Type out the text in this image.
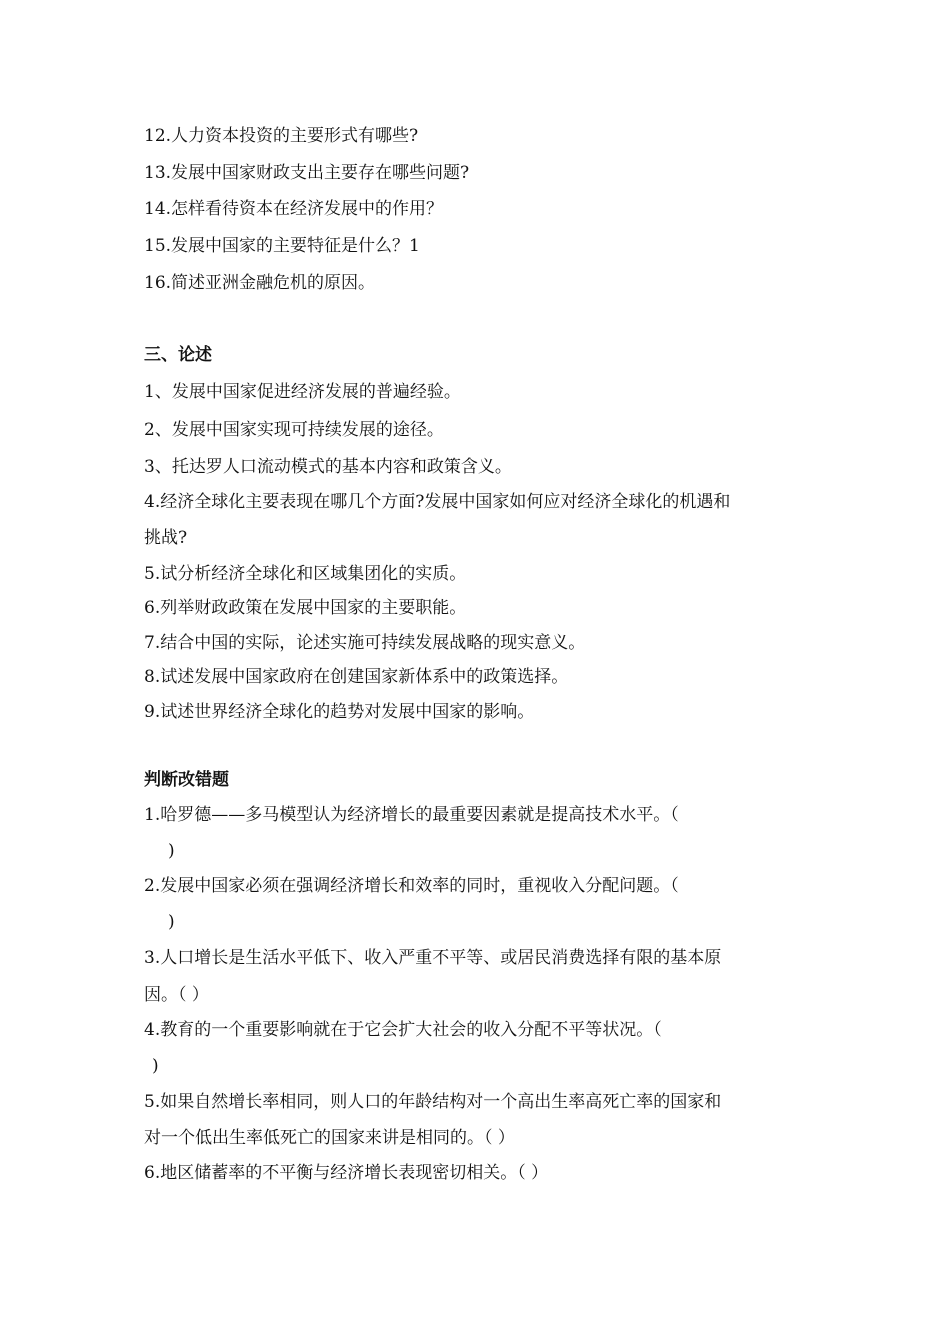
12.人力资本投资的主要形式有哪些?
13.发展中国家财政支出主要存在哪些问题?
14.怎样看待资本在经济发展中的作用？
15.发展中国家的主要特征是什么？1
16.简述亚洲金融危机的原因。
三、论述
1、发展中国家促进经济发展的普遍经验。
2、发展中国家实现可持续发展的途径。
3、托达罗人口流动模式的基本内容和政策含义。
4.经济全球化主要表现在哪几个方面?发展中国家如何应对经济全球化的机遇和
挑战?
5.试分析经济全球化和区域集团化的实质。
6.列举财政政策在发展中国家的主要职能。
7.结合中国的实际，论述实施可持续发展战略的现实意义。
8.试述发展中国家政府在创建国家新体系中的政策选择。
9.试述世界经济全球化的趋势对发展中国家的影响。
判断改错题
1.哈罗德——多马模型认为经济增长的最重要因素就是提高技术水平。（
)
2.发展中国家必须在强调经济增长和效率的同时，重视收入分配问题。（
)
3.人口增长是生活水平低下、收入严重不平等、或居民消费选择有限的基本原
因。（ ）
4.教育的一个重要影响就在于它会扩大社会的收入分配不平等状况。（
)
5.如果自然增长率相同，则人口的年龄结构对一个高出生率高死亡率的国家和
对一个低出生率低死亡的国家来讲是相同的。（ ）
6.地区储蓄率的不平衡与经济增长表现密切相关。（ ）
